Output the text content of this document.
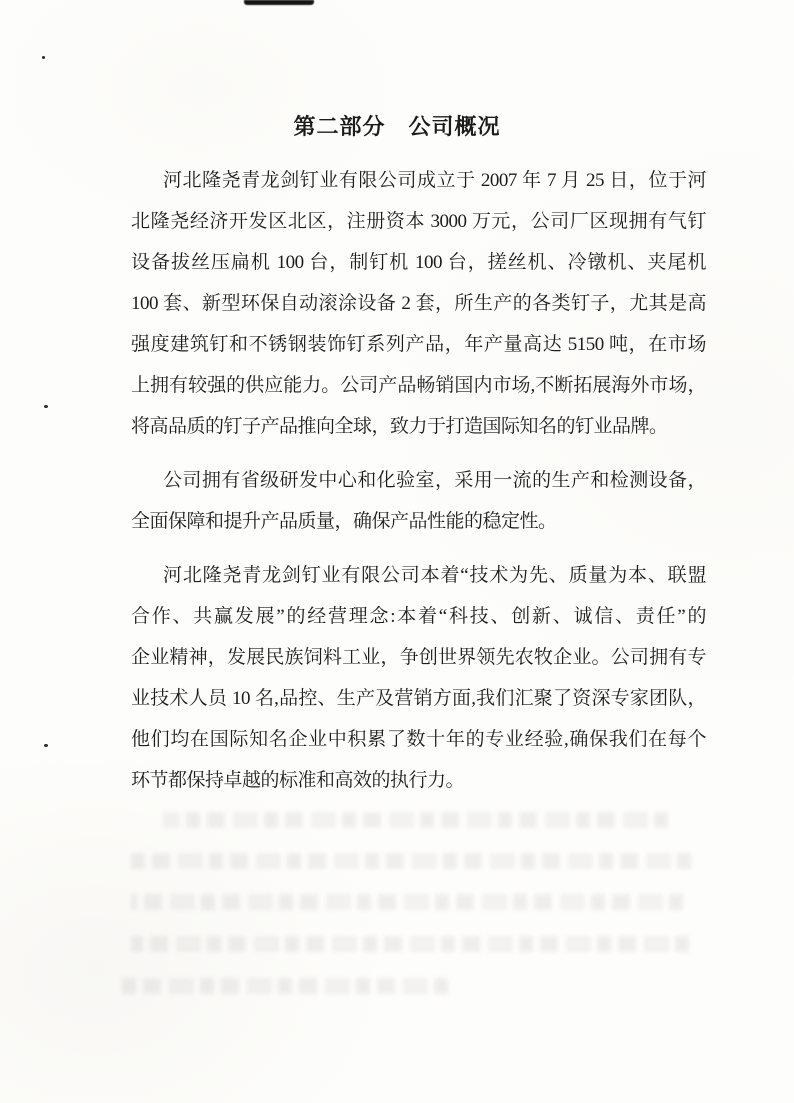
第二部分　公司概况
河北隆尧青龙剑钉业有限公司成立于 2007 年 7 月 25 日，位于河
北隆尧经济开发区北区，注册资本 3000 万元，公司厂区现拥有气钉
设备拔丝压扁机 100 台，制钉机 100 台，搓丝机、冷镦机、夹尾机
100 套、新型环保自动滚涂设备 2 套，所生产的各类钉子，尤其是高
强度建筑钉和不锈钢装饰钉系列产品，年产量高达 5150 吨，在市场
上拥有较强的供应能力。公司产品畅销国内市场,不断拓展海外市场，
将高品质的钉子产品推向全球，致力于打造国际知名的钉业品牌。
公司拥有省级研发中心和化验室，采用一流的生产和检测设备，
全面保障和提升产品质量，确保产品性能的稳定性。
河北隆尧青龙剑钉业有限公司本着“技术为先、质量为本、联盟
合作、共赢发展”的经营理念:本着“科技、创新、诚信、责任”的
企业精神，发展民族饲料工业，争创世界领先农牧企业。公司拥有专
业技术人员 10 名,品控、生产及营销方面,我们汇聚了资深专家团队，
他们均在国际知名企业中积累了数十年的专业经验,确保我们在每个
环节都保持卓越的标准和高效的执行力。
